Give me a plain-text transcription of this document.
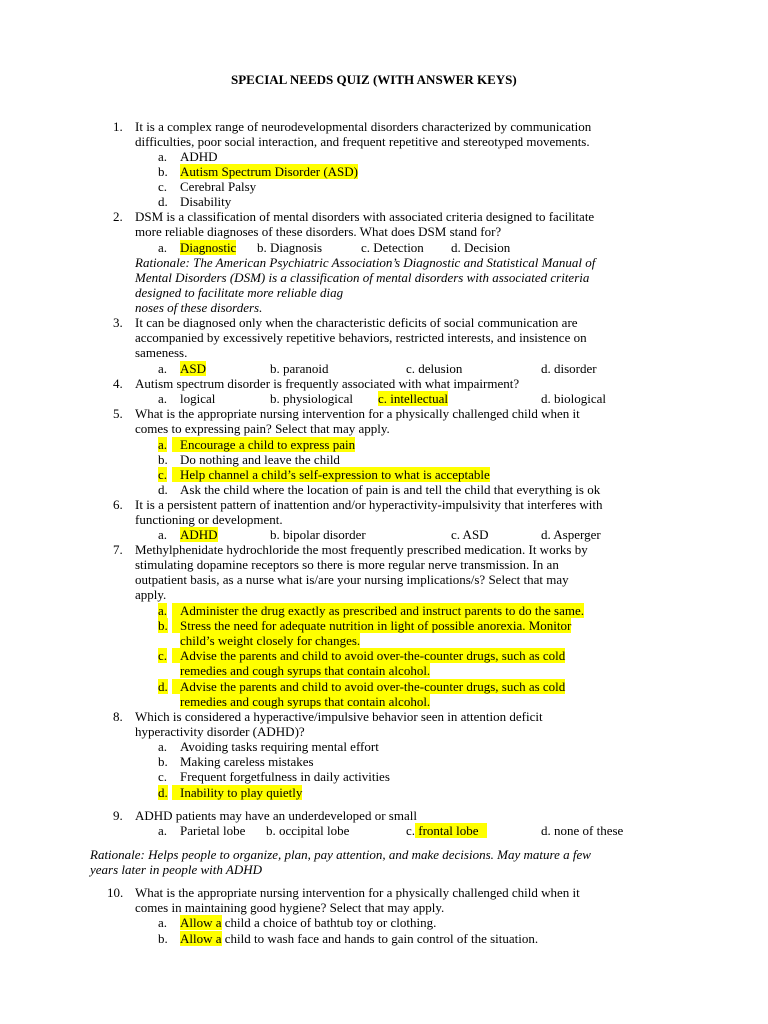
SPECIAL NEEDS QUIZ (WITH ANSWER KEYS)
1. It is a complex range of neurodevelopmental disorders characterized by communication
difficulties, poor social interaction, and frequent repetitive and stereotyped movements.
a. ADHD
b. Autism Spectrum Disorder (ASD)
c. Cerebral Palsy
d. Disability
2. DSM is a classification of mental disorders with associated criteria designed to facilitate
more reliable diagnoses of these disorders. What does DSM stand for?
a. Diagnostic b. Diagnosis	c. Detection d. Decision
Rationale: The American Psychiatric Association’s Diagnostic and Statistical Manual of
Mental Disorders (DSM) is a classification of mental disorders with associated criteria
designed to facilitate more reliable diag
noses of these disorders.
3. It can be diagnosed only when the characteristic deficits of social communication are
accompanied by excessively repetitive behaviors, restricted interests, and insistence on
sameness.
a. ASD	b. paranoid	c. delusion	d. disorder
4. Autism spectrum disorder is frequently associated with what impairment?
a. logical	b. physiological c. intellectual	d. biological
5. What is the appropriate nursing intervention for a physically challenged child when it
comes to expressing pain? Select that may apply.
a. Encourage a child to express pain
b. Do nothing and leave the child
c. Help channel a child’s self-expression to what is acceptable
d. Ask the child where the location of pain is and tell the child that everything is ok
6. It is a persistent pattern of inattention and/or hyperactivity-impulsivity that interferes with
functioning or development.
a. ADHD	b. bipolar disorder	c. ASD	d. Asperger
7. Methylphenidate hydrochloride the most frequently prescribed medication. It works by
stimulating dopamine receptors so there is more regular nerve transmission. In an
outpatient basis, as a nurse what is/are your nursing implications/s? Select that may
apply.
a. Administer the drug exactly as prescribed and instruct parents to do the same.
b. Stress the need for adequate nutrition in light of possible anorexia. Monitor
child’s weight closely for changes.
c. Advise the parents and child to avoid over-the-counter drugs, such as cold
remedies and cough syrups that contain alcohol.
d. Advise the parents and child to avoid over-the-counter drugs, such as cold
remedies and cough syrups that contain alcohol.
8. Which is considered a hyperactive/impulsive behavior seen in attention deficit
hyperactivity disorder (ADHD)?
a. Avoiding tasks requiring mental effort
b. Making careless mistakes
c. Frequent forgetfulness in daily activities
d. Inability to play quietly
9. ADHD patients may have an underdeveloped or small
a. Parietal lobe b. occipital lobe	c. frontal lobe	d. none of these
Rationale: Helps people to organize, plan, pay attention, and make decisions. May mature a few
years later in people with ADHD
10. What is the appropriate nursing intervention for a physically challenged child when it
comes in maintaining good hygiene? Select that may apply.
a. Allow a child a choice of bathtub toy or clothing.
b. Allow a child to wash face and hands to gain control of the situation.
